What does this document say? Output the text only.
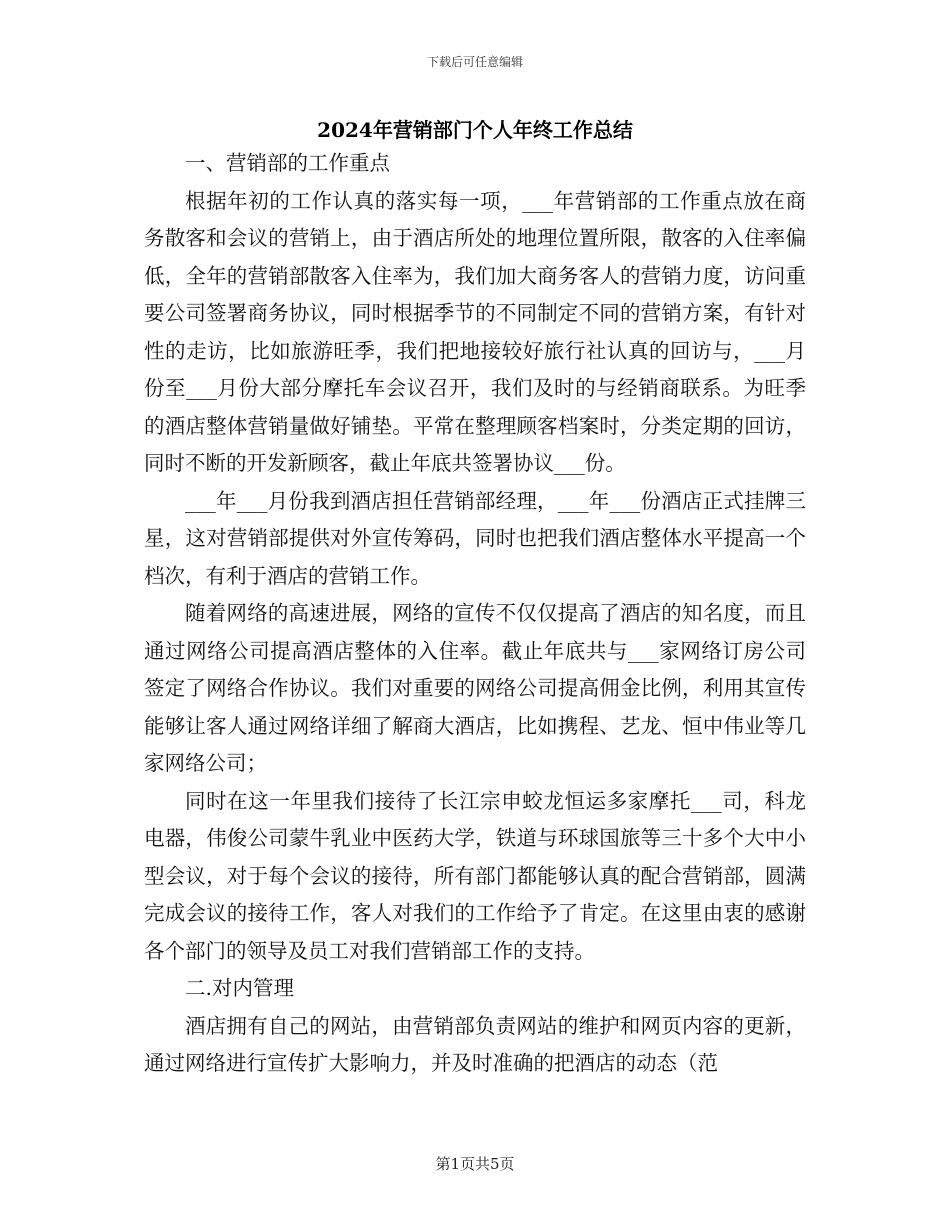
下载后可任意编辑
2024年营销部门个人年终工作总结

一、营销部的工作重点

根据年初的工作认真的落实每一项，___年营销部的工作重点放在商务散客和会议的营销上，由于酒店所处的地理位置所限，散客的入住率偏低，全年的营销部散客入住率为，我们加大商务客人的营销力度，访问重要公司签署商务协议，同时根据季节的不同制定不同的营销方案，有针对性的走访，比如旅游旺季，我们把地接较好旅行社认真的回访与，___月份至___月份大部分摩托车会议召开，我们及时的与经销商联系。为旺季的酒店整体营销量做好铺垫。平常在整理顾客档案时，分类定期的回访，同时不断的开发新顾客，截止年底共签署协议___份。

___年___月份我到酒店担任营销部经理，___年___份酒店正式挂牌三星，这对营销部提供对外宣传筹码，同时也把我们酒店整体水平提高一个档次，有利于酒店的营销工作。

随着网络的高速进展，网络的宣传不仅仅提高了酒店的知名度，而且通过网络公司提高酒店整体的入住率。截止年底共与___家网络订房公司签定了网络合作协议。我们对重要的网络公司提高佣金比例，利用其宣传能够让客人通过网络详细了解商大酒店，比如携程、艺龙、恒中伟业等几家网络公司；

同时在这一年里我们接待了长江宗申蛟龙恒运多家摩托___司，科龙电器，伟俊公司蒙牛乳业中医药大学，铁道与环球国旅等三十多个大中小型会议，对于每个会议的接待，所有部门都能够认真的配合营销部，圆满完成会议的接待工作，客人对我们的工作给予了肯定。在这里由衷的感谢各个部门的领导及员工对我们营销部工作的支持。

二.对内管理

酒店拥有自己的网站，由营销部负责网站的维护和网页内容的更新，通过网络进行宣传扩大影响力，并及时准确的把酒店的动态（范

第1页共5页
